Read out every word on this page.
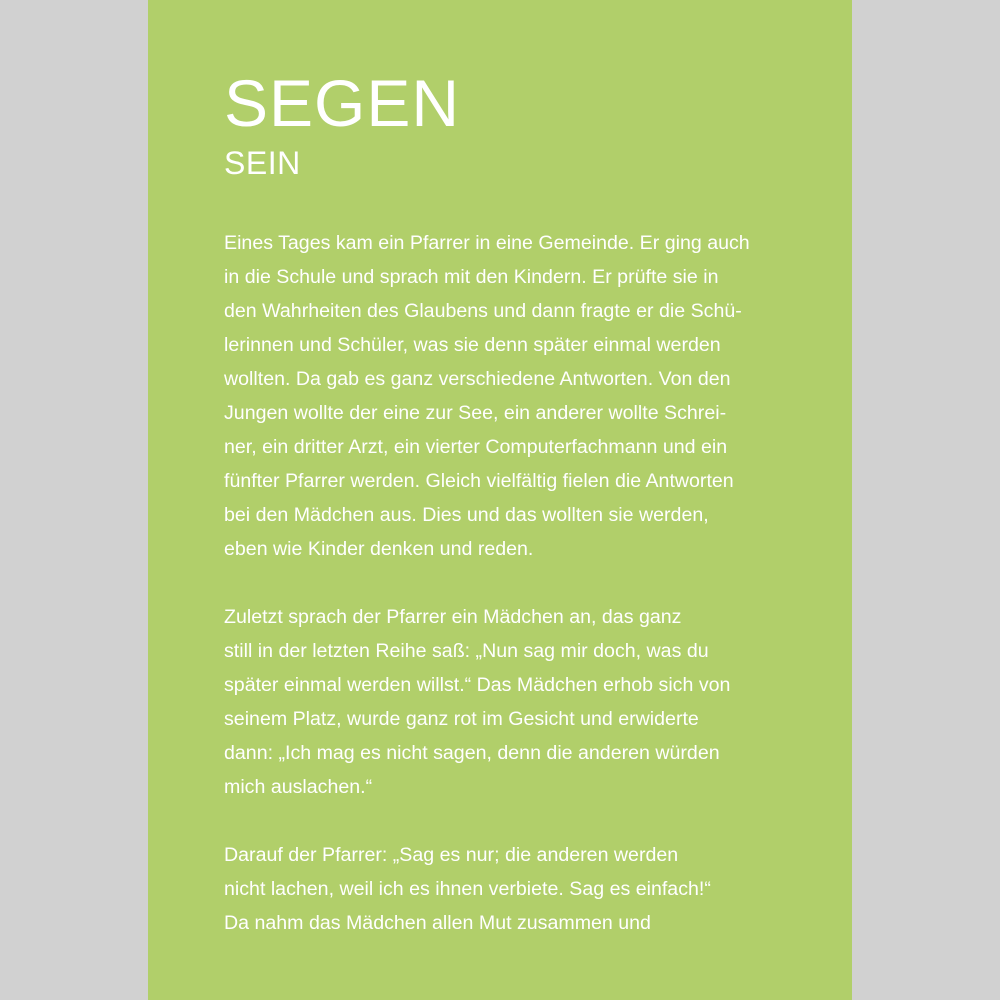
SEGEN
SEIN
Eines Tages kam ein Pfarrer in eine Gemeinde. Er ging auch
in die Schule und sprach mit den Kindern. Er prüfte sie in
den Wahrheiten des Glaubens und dann fragte er die Schü-
lerinnen und Schüler, was sie denn später einmal werden
wollten. Da gab es ganz verschiedene Antworten. Von den
Jungen wollte der eine zur See, ein anderer wollte Schrei-
ner, ein dritter Arzt, ein vierter Computerfachmann und ein
fünfter Pfarrer werden. Gleich vielfältig fielen die Antworten
bei den Mädchen aus. Dies und das wollten sie werden,
eben wie Kinder denken und reden.
Zuletzt sprach der Pfarrer ein Mädchen an, das ganz
still in der letzten Reihe saß: „Nun sag mir doch, was du
später einmal werden willst.“ Das Mädchen erhob sich von
seinem Platz, wurde ganz rot im Gesicht und erwiderte
dann: „Ich mag es nicht sagen, denn die anderen würden
mich auslachen.“
Darauf der Pfarrer: „Sag es nur; die anderen werden
nicht lachen, weil ich es ihnen verbiete. Sag es einfach!“
Da nahm das Mädchen allen Mut zusammen und
